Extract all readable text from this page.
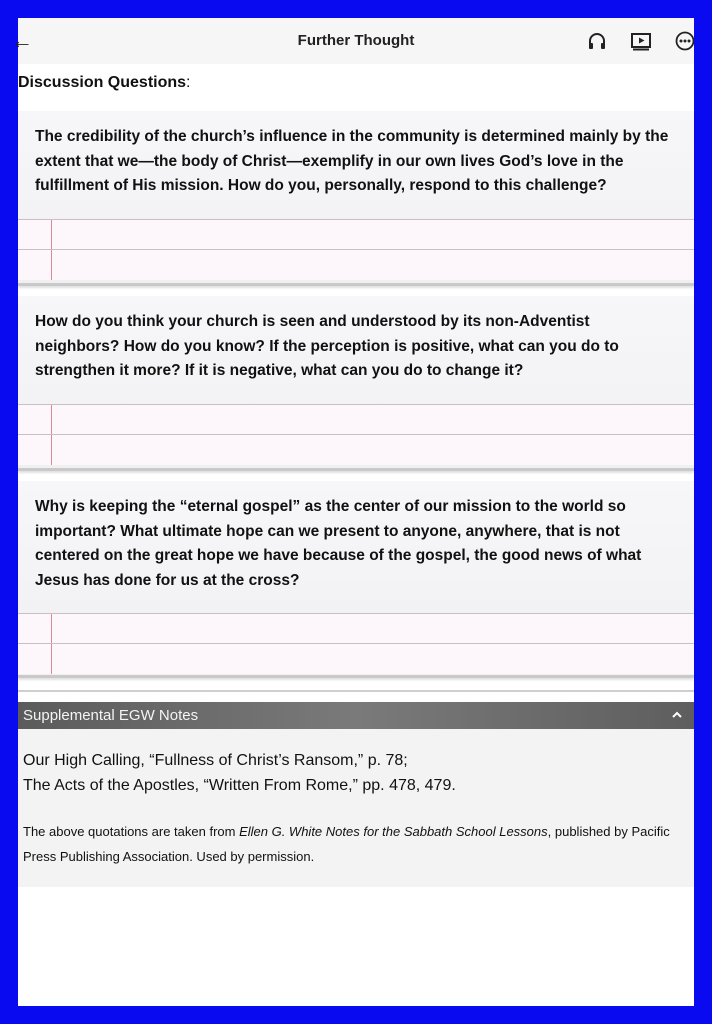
←	Further Thought
Discussion Questions:
The credibility of the church’s influence in the community is determined mainly by the extent that we—the body of Christ—exemplify in our own lives God’s love in the fulfillment of His mission. How do you, personally, respond to this challenge?
How do you think your church is seen and understood by its non-Adventist neighbors? How do you know? If the perception is positive, what can you do to strengthen it more? If it is negative, what can you do to change it?
Why is keeping the “eternal gospel” as the center of our mission to the world so important? What ultimate hope can we present to anyone, anywhere, that is not centered on the great hope we have because of the gospel, the good news of what Jesus has done for us at the cross?
Supplemental EGW Notes
Our High Calling, “Fullness of Christ’s Ransom,” p. 78;
The Acts of the Apostles, “Written From Rome,” pp. 478, 479.
The above quotations are taken from Ellen G. White Notes for the Sabbath School Lessons, published by Pacific Press Publishing Association. Used by permission.
